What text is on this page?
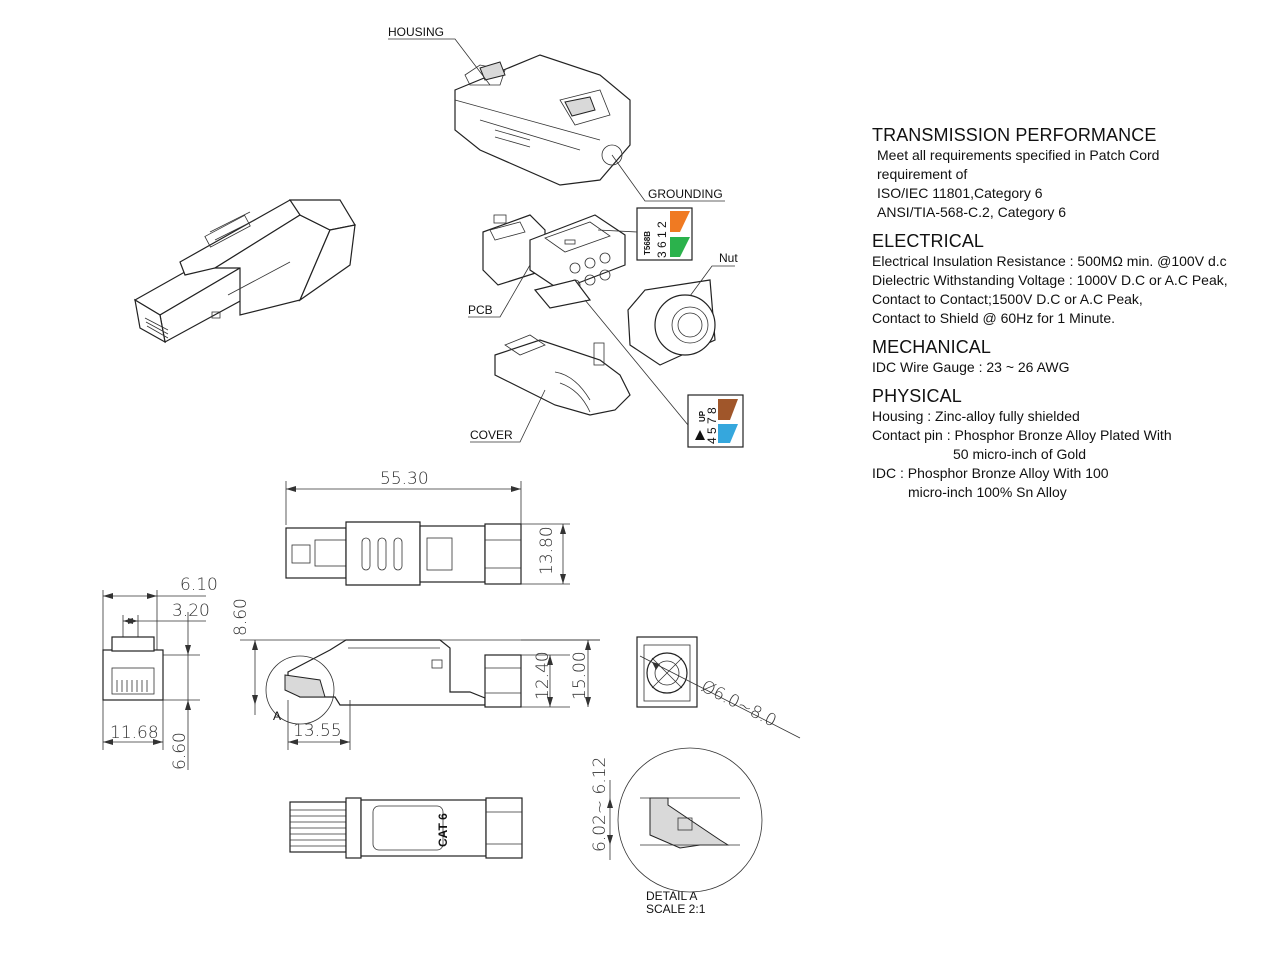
T568B 3 6 1 2
UP
4 5 7 8
HOUSING
GROUNDING
Nut
PCB
COVER
55.30
13.80
6.10
3.20 8.60
6.60
11.68
A
12.40 15.00
13.55	Ø6.0~8.0
CAT 6	6.02~ 6.12
DETAIL A
SCALE 2:1

TRANSMISSION PERFORMANCE

Meet all requirements specified in Patch Cord

requirement of

ISO/IEC 11801,Category 6

ANSI/TIA-568-C.2, Category 6

ELECTRICAL

Electrical Insulation Resistance : 500MΩ min. @100V d.c

Dielectric Withstanding Voltage : 1000V D.C or A.C Peak,

Contact to Contact;1500V D.C or A.C Peak,

Contact to Shield @ 60Hz for 1 Minute.

MECHANICAL

IDC Wire Gauge : 23 ~ 26 AWG

PHYSICAL

Housing : Zinc-alloy fully shielded

Contact pin : Phosphor Bronze Alloy Plated With

50 micro-inch of Gold

IDC : Phosphor Bronze Alloy With 100

micro-inch 100% Sn Alloy
